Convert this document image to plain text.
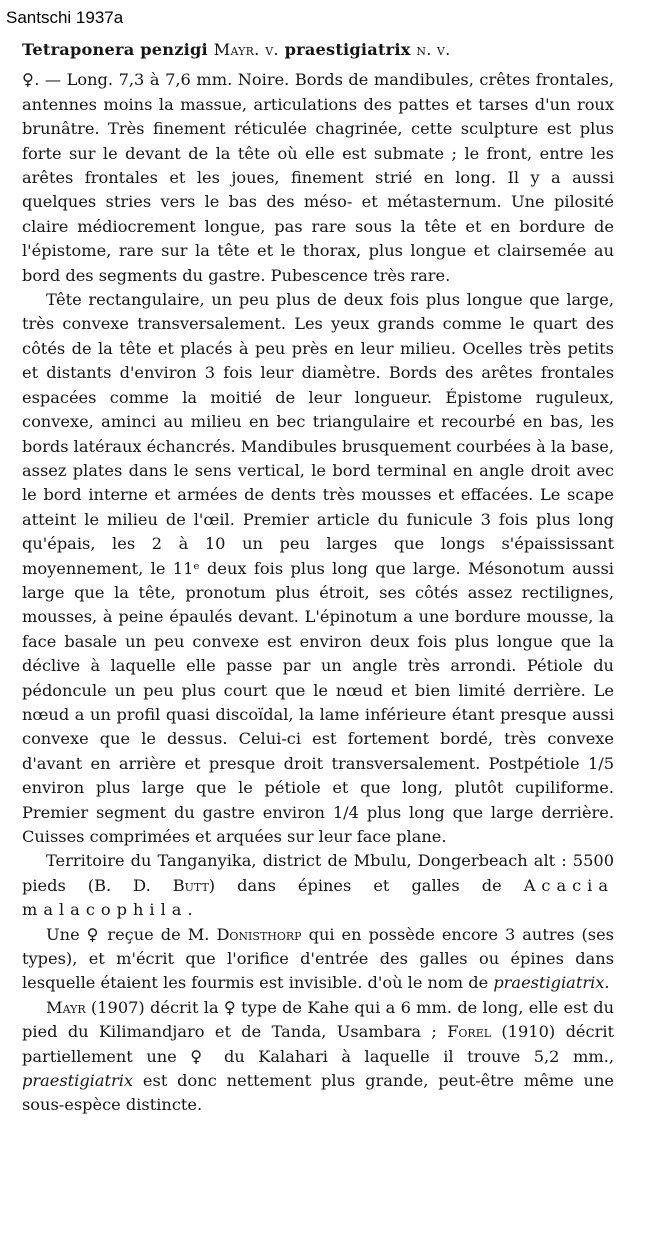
Santschi 1937a
Tetraponera penzigi Mayr. v. praestigiatrix n. v.

♀. — Long. 7,3 à 7,6 mm. Noire. Bords de mandibules, crêtes frontales, antennes moins la massue, articulations des pattes et tarses d'un roux brunâtre. Très finement réticulée chagrinée, cette sculpture est plus forte sur le devant de la tête où elle est submate ; le front, entre les arêtes frontales et les joues, finement strié en long. Il y a aussi quelques stries vers le bas des méso- et métasternum. Une pilosité claire médiocrement longue, pas rare sous la tête et en bordure de l'épistome, rare sur la tête et le thorax, plus longue et clairsemée au bord des segments du gastre. Pubescence très rare.

Tête rectangulaire, un peu plus de deux fois plus longue que large, très convexe transversalement. Les yeux grands comme le quart des côtés de la tête et placés à peu près en leur milieu. Ocelles très petits et distants d'environ 3 fois leur diamètre. Bords des arêtes frontales espacées comme la moitié de leur longueur. Épistome ruguleux, convexe, aminci au milieu en bec triangulaire et recourbé en bas, les bords latéraux échancrés. Mandibules brusquement courbées à la base, assez plates dans le sens vertical, le bord terminal en angle droit avec le bord interne et armées de dents très mousses et effacées. Le scape atteint le milieu de l'œil. Premier article du funicule 3 fois plus long qu'épais, les 2 à 10 un peu larges que longs s'épaississant moyennement, le 11ᵉ deux fois plus long que large. Mésonotum aussi large que la tête, pronotum plus étroit, ses côtés assez rectilignes, mousses, à peine épaulés devant. L'épinotum a une bordure mousse, la face basale un peu convexe est environ deux fois plus longue que la déclive à laquelle elle passe par un angle très arrondi. Pétiole du pédoncule un peu plus court que le nœud et bien limité derrière. Le nœud a un profil quasi discoïdal, la lame inférieure étant presque aussi convexe que le dessus. Celui-ci est fortement bordé, très convexe d'avant en arrière et presque droit transversalement. Postpétiole 1/5 environ plus large que le pétiole et que long, plutôt cupiliforme. Premier segment du gastre environ 1/4 plus long que large derrière. Cuisses comprimées et arquées sur leur face plane.

Territoire du Tanganyika, district de Mbulu, Dongerbeach alt : 5500 pieds (B. D. Butt) dans épines et galles de Acacia malacophila.

Une ♀ reçue de M. Donisthorp qui en possède encore 3 autres (ses types), et m'écrit que l'orifice d'entrée des galles ou épines dans lesquelle étaient les fourmis est invisible. d'où le nom de praestigiatrix.

Mayr (1907) décrit la ♀ type de Kahe qui a 6 mm. de long, elle est du pied du Kilimandjaro et de Tanda, Usambara ; Forel (1910) décrit partiellement une ♀ du Kalahari à laquelle il trouve 5,2 mm., praestigiatrix est donc nettement plus grande, peut-être même une sous-espèce distincte.
